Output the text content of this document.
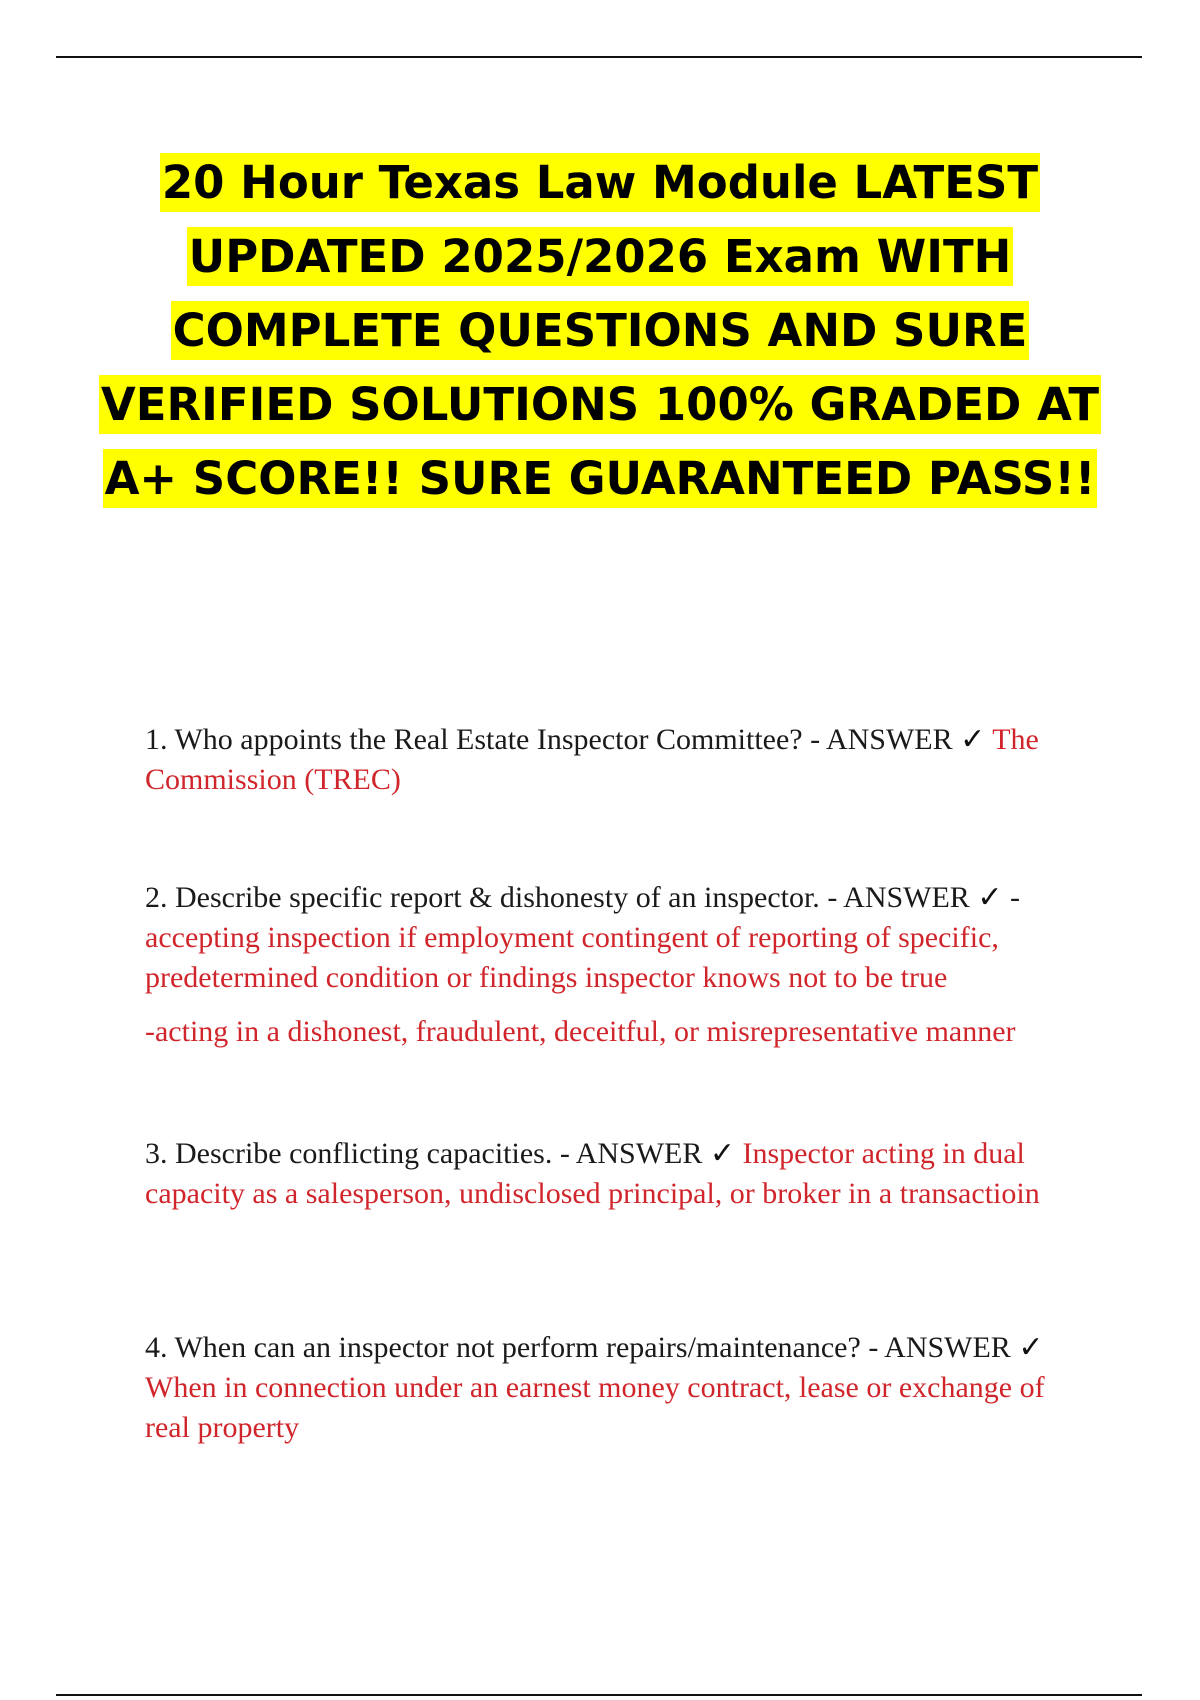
20 Hour Texas Law Module LATEST UPDATED 2025/2026 Exam WITH COMPLETE QUESTIONS AND SURE VERIFIED SOLUTIONS 100% GRADED AT A+ SCORE!! SURE GUARANTEED PASS!!

1. Who appoints the Real Estate Inspector Committee? - ANSWER ✓ The Commission (TREC)

2. Describe specific report & dishonesty of an inspector. - ANSWER ✓ - accepting inspection if employment contingent of reporting of specific, predetermined condition or findings inspector knows not to be true
-acting in a dishonest, fraudulent, deceitful, or misrepresentative manner

3. Describe conflicting capacities. - ANSWER ✓ Inspector acting in dual capacity as a salesperson, undisclosed principal, or broker in a transactioin

4. When can an inspector not perform repairs/maintenance? - ANSWER ✓ When in connection under an earnest money contract, lease or exchange of real property
